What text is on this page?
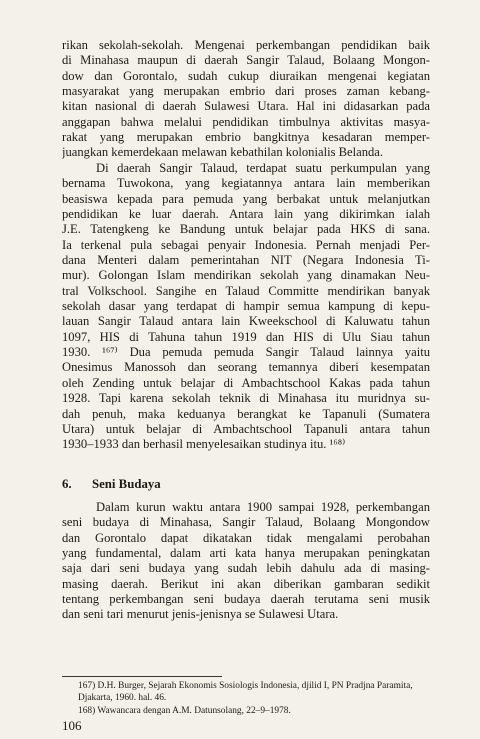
rikan sekolah-sekolah. Mengenai perkembangan pendidikan baik
di Minahasa maupun di daerah Sangir Talaud, Bolaang Mongon-
dow dan Gorontalo, sudah cukup diuraikan mengenai kegiatan
masyarakat yang merupakan embrio dari proses zaman kebang-
kitan nasional di daerah Sulawesi Utara. Hal ini didasarkan pada
anggapan bahwa melalui pendidikan timbulnya aktivitas masya-
rakat yang merupakan embrio bangkitnya kesadaran memper-
juangkan kemerdekaan melawan kebathilan kolonialis Belanda.

Di daerah Sangir Talaud, terdapat suatu perkumpulan yang
bernama Tuwokona, yang kegiatannya antara lain memberikan
beasiswa kepada para pemuda yang berbakat untuk melanjutkan
pendidikan ke luar daerah. Antara lain yang dikirimkan ialah
J.E. Tatengkeng ke Bandung untuk belajar pada HKS di sana.
Ia terkenal pula sebagai penyair Indonesia. Pernah menjadi Per-
dana Menteri dalam pemerintahan NIT (Negara Indonesia Ti-
mur). Golongan Islam mendirikan sekolah yang dinamakan Neu-
tral Volkschool. Sangihe en Talaud Committe mendirikan banyak
sekolah dasar yang terdapat di hampir semua kampung di kepu-
lauan Sangir Talaud antara lain Kweekschool di Kaluwatu tahun
1097, HIS di Tahuna tahun 1919 dan HIS di Ulu Siau tahun
1930. ¹⁶⁷⁾ Dua pemuda pemuda Sangir Talaud lainnya yaitu
Onesimus Manossoh dan seorang temannya diberi kesempatan
oleh Zending untuk belajar di Ambachtschool Kakas pada tahun
1928. Tapi karena sekolah teknik di Minahasa itu muridnya su-
dah penuh, maka keduanya berangkat ke Tapanuli (Sumatera
Utara) untuk belajar di Ambachtschool Tapanuli antara tahun
1930–1933 dan berhasil menyelesaikan studinya itu. ¹⁶⁸⁾

6. Seni Budaya

Dalam kurun waktu antara 1900 sampai 1928, perkembangan
seni budaya di Minahasa, Sangir Talaud, Bolaang Mongondow
dan Gorontalo dapat dikatakan tidak mengalami perobahan
yang fundamental, dalam arti kata hanya merupakan peningkatan
saja dari seni budaya yang sudah lebih dahulu ada di masing-
masing daerah. Berikut ini akan diberikan gambaran sedikit
tentang perkembangan seni budaya daerah terutama seni musik
dan seni tari menurut jenis-jenisnya se Sulawesi Utara.

167) D.H. Burger, Sejarah Ekonomis Sosiologis Indonesia, djilid I, PN Pradjna Paramita, Djakarta, 1960. hal. 46.
168) Wawancara dengan A.M. Datunsolang, 22–9–1978.
106
